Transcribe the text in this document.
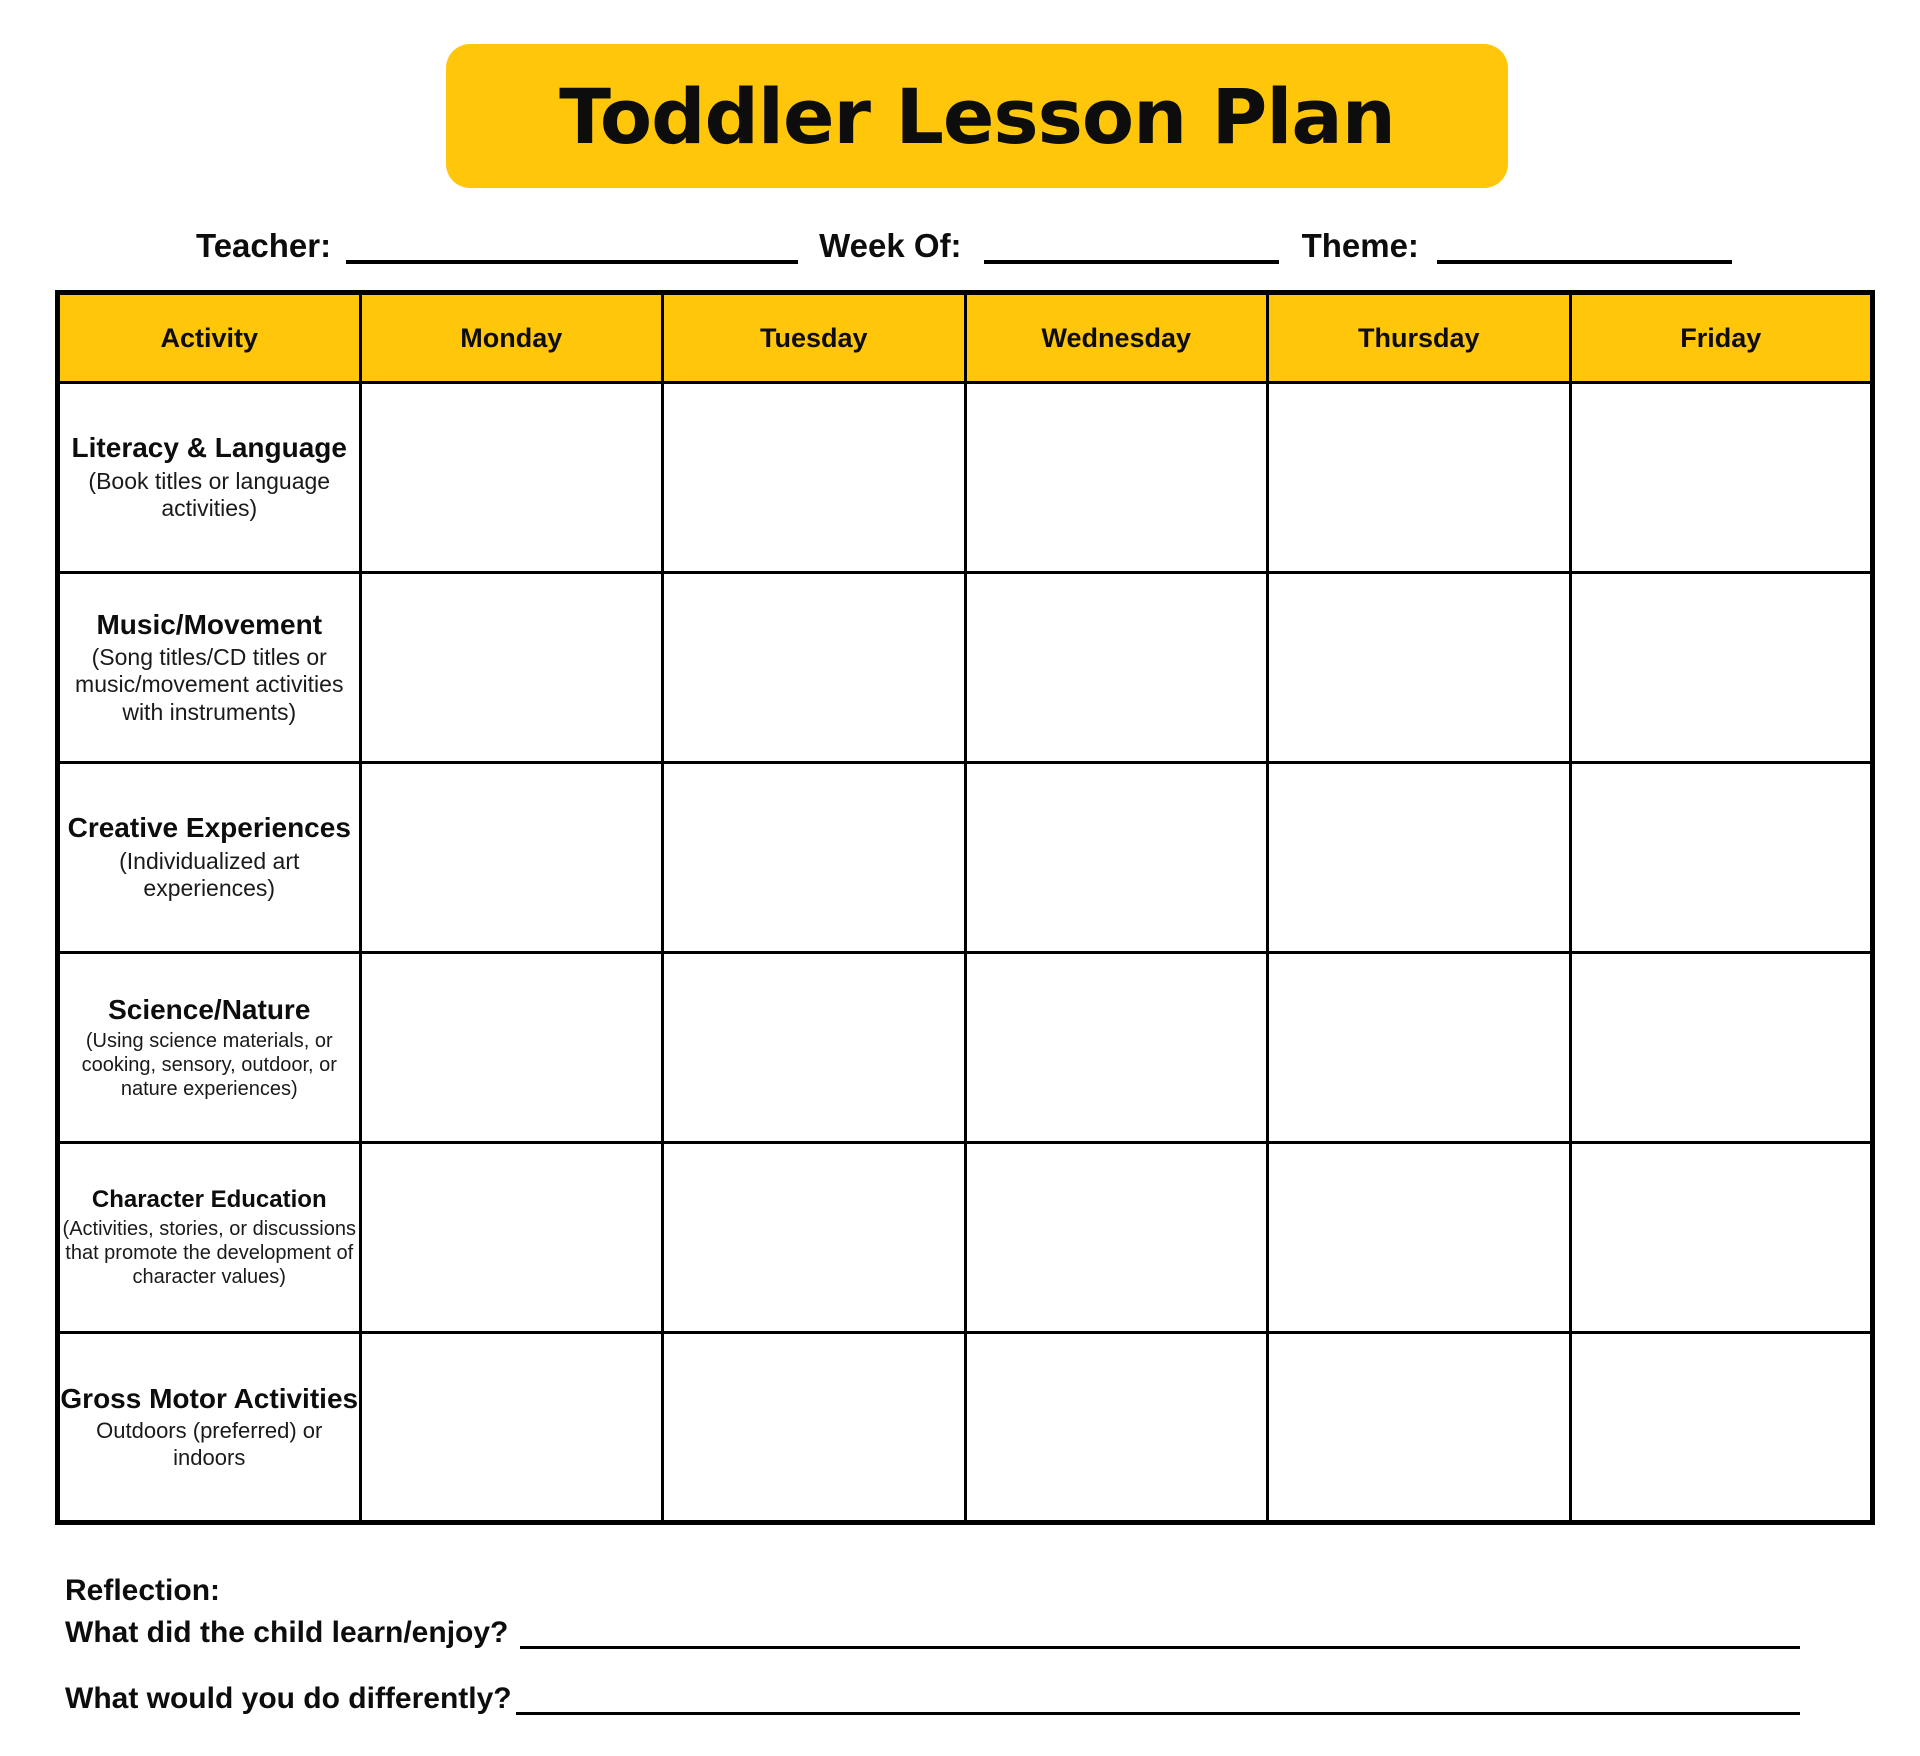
Toddler Lesson Plan
Teacher:	Week Of:	Theme:
Activity	Monday	Tuesday	Wednesday	Thursday	Friday

Literacy & Language
(Book titles or language activities)					

Music/Movement
(Song titles/CD titles or music/movement activities with instruments)					

Creative Experiences
(Individualized art experiences)					

Science/Nature
(Using science materials, or cooking, sensory, outdoor, or nature experiences)					

Character Education
(Activities, stories, or discussions that promote the development of character values)					

Gross Motor Activities
Outdoors (preferred) or indoors					

Reflection:
What did the child learn/enjoy?
What would you do differently?
